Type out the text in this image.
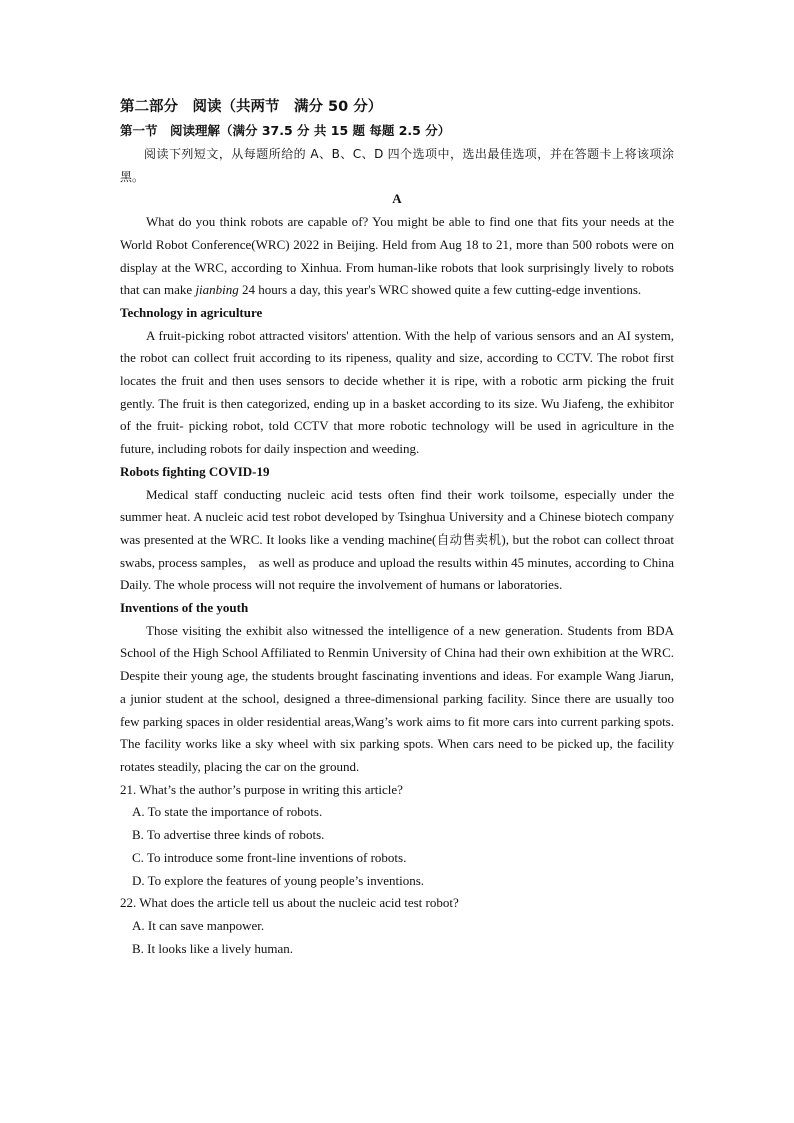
第二部分　阅读（共两节　满分 50 分）
第一节　阅读理解（满分 37.5 分 共 15 题 每题 2.5 分）
阅读下列短文，从每题所给的 A、B、C、D 四个选项中，选出最佳选项，并在答题卡上将该项涂黑。
A

What do you think robots are capable of? You might be able to find one that fits your needs at the World Robot Conference(WRC) 2022 in Beijing. Held from Aug 18 to 21, more than 500 robots were on display at the WRC, according to Xinhua. From human-like robots that look surprisingly lively to robots that can make jianbing 24 hours a day, this year's WRC showed quite a few cutting-edge inventions.

Technology in agriculture

A fruit-picking robot attracted visitors' attention. With the help of various sensors and an AI system, the robot can collect fruit according to its ripeness, quality and size, according to CCTV. The robot first locates the fruit and then uses sensors to decide whether it is ripe, with a robotic arm picking the fruit gently. The fruit is then categorized, ending up in a basket according to its size. Wu Jiafeng, the exhibitor of the fruit- picking robot, told CCTV that more robotic technology will be used in agriculture in the future, including robots for daily inspection and weeding.

Robots fighting COVID-19

Medical staff conducting nucleic acid tests often find their work toilsome, especially under the summer heat. A nucleic acid test robot developed by Tsinghua University and a Chinese biotech company was presented at the WRC. It looks like a vending machine(自动售卖机), but the robot can collect throat swabs, process samples， as well as produce and upload the results within 45 minutes, according to China Daily. The whole process will not require the involvement of humans or laboratories.

Inventions of the youth

Those visiting the exhibit also witnessed the intelligence of a new generation. Students from BDA School of the High School Affiliated to Renmin University of China had their own exhibition at the WRC. Despite their young age, the students brought fascinating inventions and ideas. For example Wang Jiarun, a junior student at the school, designed a three-dimensional parking facility. Since there are usually too few parking spaces in older residential areas,Wang’s work aims to fit more cars into current parking spots. The facility works like a sky wheel with six parking spots. When cars need to be picked up, the facility rotates steadily, placing the car on the ground.

21. What’s the author’s purpose in writing this article?
A. To state the importance of robots.
B. To advertise three kinds of robots.
C. To introduce some front-line inventions of robots.
D. To explore the features of young people’s inventions.
22. What does the article tell us about the nucleic acid test robot?
A. It can save manpower.
B. It looks like a lively human.
